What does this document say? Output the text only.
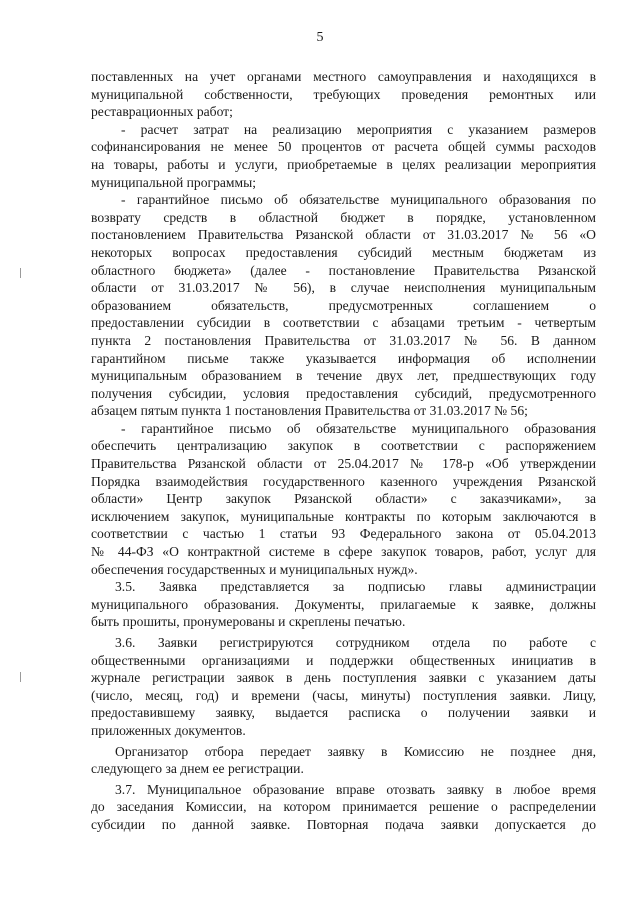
5
поставленных на учет органами местного самоуправления и находящихся в
муниципальной собственности, требующих проведения ремонтных или
реставрационных работ;
- расчет затрат на реализацию мероприятия с указанием размеров
софинансирования не менее 50 процентов от расчета общей суммы расходов
на товары, работы и услуги, приобретаемые в целях реализации мероприятия
муниципальной программы;
- гарантийное письмо об обязательстве муниципального образования по
возврату средств в областной бюджет в порядке, установленном
постановлением Правительства Рязанской области от 31.03.2017 № 56 «О
некоторых вопросах предоставления субсидий местным бюджетам из
областного бюджета» (далее - постановление Правительства Рязанской
области от 31.03.2017 № 56), в случае неисполнения муниципальным
образованием обязательств, предусмотренных соглашением о
предоставлении субсидии в соответствии с абзацами третьим - четвертым
пункта 2 постановления Правительства от 31.03.2017 № 56. В данном
гарантийном письме также указывается информация об исполнении
муниципальным образованием в течение двух лет, предшествующих году
получения субсидии, условия предоставления субсидий, предусмотренного
абзацем пятым пункта 1 постановления Правительства от 31.03.2017 № 56;
- гарантийное письмо об обязательстве муниципального образования
обеспечить централизацию закупок в соответствии с распоряжением
Правительства Рязанской области от 25.04.2017 № 178-р «Об утверждении
Порядка взаимодействия государственного казенного учреждения Рязанской
области» Центр закупок Рязанской области» с заказчиками», за
исключением закупок, муниципальные контракты по которым заключаются в
соответствии с частью 1 статьи 93 Федерального закона от 05.04.2013
№ 44-ФЗ «О контрактной системе в сфере закупок товаров, работ, услуг для
обеспечения государственных и муниципальных нужд».
3.5. Заявка представляется за подписью главы администрации
муниципального образования. Документы, прилагаемые к заявке, должны
быть прошиты, пронумерованы и скреплены печатью.
3.6. Заявки регистрируются сотрудником отдела по работе с
общественными организациями и поддержки общественных инициатив в
журнале регистрации заявок в день поступления заявки с указанием даты
(число, месяц, год) и времени (часы, минуты) поступления заявки. Лицу,
предоставившему заявку, выдается расписка о получении заявки и
приложенных документов.
Организатор отбора передает заявку в Комиссию не позднее дня,
следующего за днем ее регистрации.
3.7. Муниципальное образование вправе отозвать заявку в любое время
до заседания Комиссии, на котором принимается решение о распределении
субсидии по данной заявке. Повторная подача заявки допускается до
